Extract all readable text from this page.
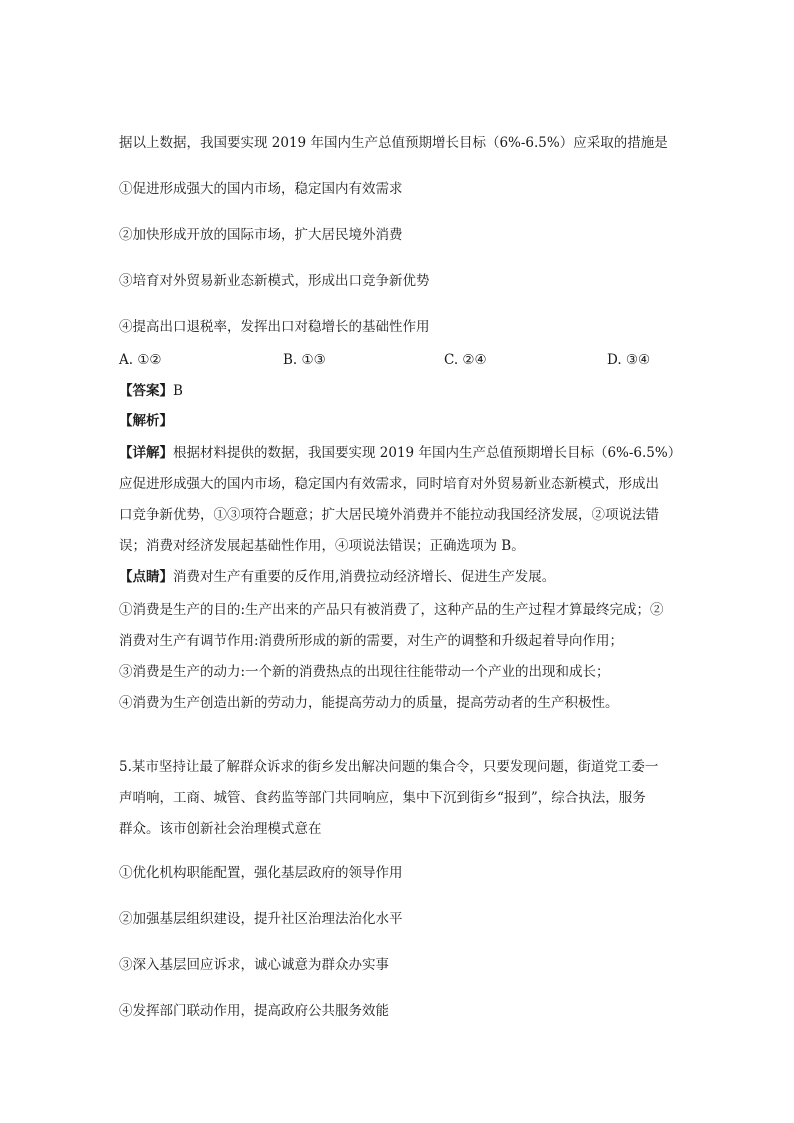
据以上数据，我国要实现 2019 年国内生产总值预期增长目标（6%-6.5%）应采取的措施是
①促进形成强大的国内市场，稳定国内有效需求
②加快形成开放的国际市场，扩大居民境外消费
③培育对外贸易新业态新模式，形成出口竞争新优势
④提高出口退税率，发挥出口对稳增长的基础性作用
A. ①②	B. ①③	C. ②④	D. ③④
【答案】B
【解析】
【详解】根据材料提供的数据，我国要实现 2019 年国内生产总值预期增长目标（6%-6.5%）
应促进形成强大的国内市场，稳定国内有效需求，同时培育对外贸易新业态新模式，形成出
口竞争新优势，①③项符合题意；扩大居民境外消费并不能拉动我国经济发展，②项说法错
误；消费对经济发展起基础性作用，④项说法错误；正确选项为 B。
【点睛】消费对生产有重要的反作用,消费拉动经济增长、促进生产发展。
①消费是生产的目的:生产出来的产品只有被消费了，这种产品的生产过程才算最终完成；②
消费对生产有调节作用:消费所形成的新的需要，对生产的调整和升级起着导向作用；
③消费是生产的动力:一个新的消费热点的出现往往能带动一个产业的出现和成长；
④消费为生产创造出新的劳动力，能提高劳动力的质量，提高劳动者的生产积极性。
5.某市坚持让最了解群众诉求的街乡发出解决问题的集合令，只要发现问题，街道党工委一
声哨响，工商、城管、食药监等部门共同响应，集中下沉到街乡“报到”，综合执法，服务
群众。该市创新社会治理模式意在
①优化机构职能配置，强化基层政府的领导作用
②加强基层组织建设，提升社区治理法治化水平
③深入基层回应诉求，诚心诚意为群众办实事
④发挥部门联动作用，提高政府公共服务效能
